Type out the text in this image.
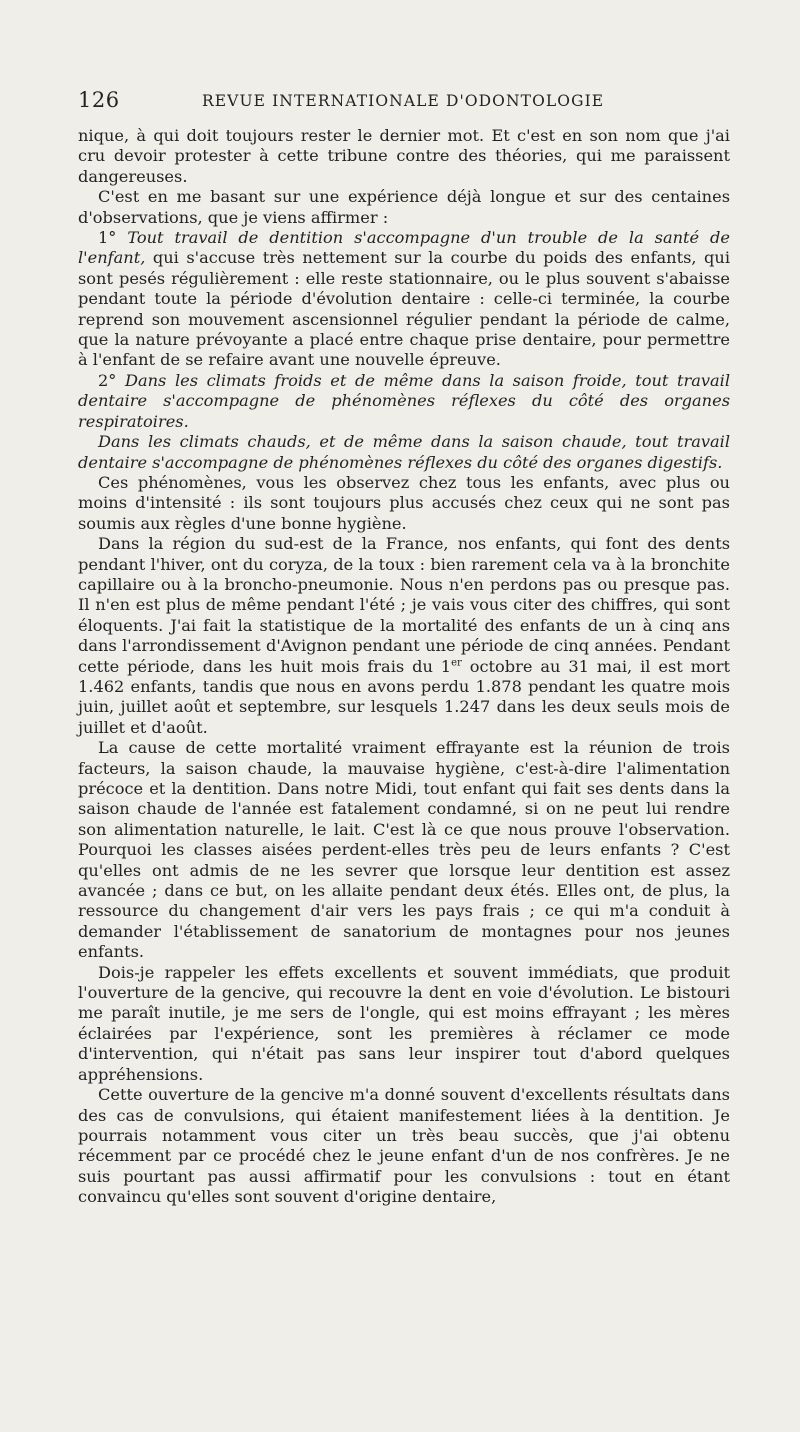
126	REVUE INTERNATIONALE D'ODONTOLOGIE

nique, à qui doit toujours rester le dernier mot. Et c'est en son nom que j'ai cru devoir protester à cette tribune contre des théories, qui me paraissent dangereuses.

C'est en me basant sur une expérience déjà longue et sur des centaines d'observations, que je viens affirmer :

1° Tout travail de dentition s'accompagne d'un trouble de la santé de l'enfant, qui s'accuse très nettement sur la courbe du poids des enfants, qui sont pesés régulièrement : elle reste stationnaire, ou le plus souvent s'abaisse pendant toute la période d'évolution dentaire : celle-ci terminée, la courbe reprend son mouvement ascensionnel régulier pendant la période de calme, que la nature prévoyante a placé entre chaque prise dentaire, pour permettre à l'enfant de se refaire avant une nouvelle épreuve.

2° Dans les climats froids et de même dans la saison froide, tout travail dentaire s'accompagne de phénomènes réflexes du côté des organes respiratoires.

Dans les climats chauds, et de même dans la saison chaude, tout travail dentaire s'accompagne de phénomènes réflexes du côté des organes digestifs.

Ces phénomènes, vous les observez chez tous les enfants, avec plus ou moins d'intensité : ils sont toujours plus accusés chez ceux qui ne sont pas soumis aux règles d'une bonne hygiène.

Dans la région du sud-est de la France, nos enfants, qui font des dents pendant l'hiver, ont du coryza, de la toux : bien rarement cela va à la bronchite capillaire ou à la broncho-pneumonie. Nous n'en perdons pas ou presque pas. Il n'en est plus de même pendant l'été ; je vais vous citer des chiffres, qui sont éloquents. J'ai fait la statistique de la mortalité des enfants de un à cinq ans dans l'arrondissement d'Avignon pendant une période de cinq années. Pendant cette période, dans les huit mois frais du 1er octobre au 31 mai, il est mort 1.462 enfants, tandis que nous en avons perdu 1.878 pendant les quatre mois juin, juillet août et septembre, sur lesquels 1.247 dans les deux seuls mois de juillet et d'août.

La cause de cette mortalité vraiment effrayante est la réunion de trois facteurs, la saison chaude, la mauvaise hygiène, c'est-à-dire l'alimentation précoce et la dentition. Dans notre Midi, tout enfant qui fait ses dents dans la saison chaude de l'année est fatalement condamné, si on ne peut lui rendre son alimentation naturelle, le lait. C'est là ce que nous prouve l'observation. Pourquoi les classes aisées perdent-elles très peu de leurs enfants ? C'est qu'elles ont admis de ne les sevrer que lorsque leur dentition est assez avancée ; dans ce but, on les allaite pendant deux étés. Elles ont, de plus, la ressource du changement d'air vers les pays frais ; ce qui m'a conduit à demander l'établissement de sanatorium de montagnes pour nos jeunes enfants.

Dois-je rappeler les effets excellents et souvent immédiats, que produit l'ouverture de la gencive, qui recouvre la dent en voie d'évolution. Le bistouri me paraît inutile, je me sers de l'ongle, qui est moins effrayant ; les mères éclairées par l'expérience, sont les premières à réclamer ce mode d'intervention, qui n'était pas sans leur inspirer tout d'abord quelques appréhensions.

Cette ouverture de la gencive m'a donné souvent d'excellents résultats dans des cas de convulsions, qui étaient manifestement liées à la dentition. Je pourrais notamment vous citer un très beau succès, que j'ai obtenu récemment par ce procédé chez le jeune enfant d'un de nos confrères. Je ne suis pourtant pas aussi affirmatif pour les convulsions : tout en étant convaincu qu'elles sont souvent d'origine dentaire,
